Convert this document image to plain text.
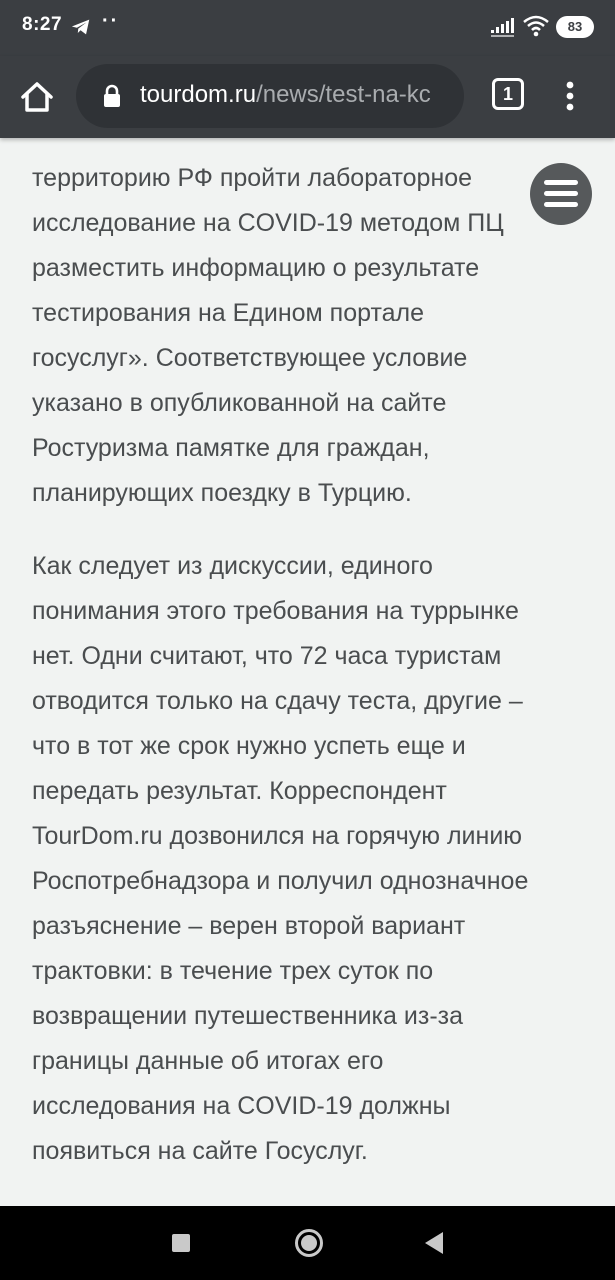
8:27 ··	83
tourdom.ru/news/test-na-kc	1

территорию РФ пройти лабораторное
исследование на COVID-19 методом ПЦ
разместить информацию о результате
тестирования на Едином портале
госуслуг». Соответствующее условие
указано в опубликованной на сайте
Ростуризма памятке для граждан,
планирующих поездку в Турцию.

Как следует из дискуссии, единого
понимания этого требования на туррынке
нет. Одни считают, что 72 часа туристам
отводится только на сдачу теста, другие –
что в тот же срок нужно успеть еще и
передать результат. Корреспондент
TourDom.ru дозвонился на горячую линию
Роспотребнадзора и получил однозначное
разъяснение – верен второй вариант
трактовки: в течение трех суток по
возвращении путешественника из-за
границы данные об итогах его
исследования на COVID-19 должны
появиться на сайте Госуслуг.
